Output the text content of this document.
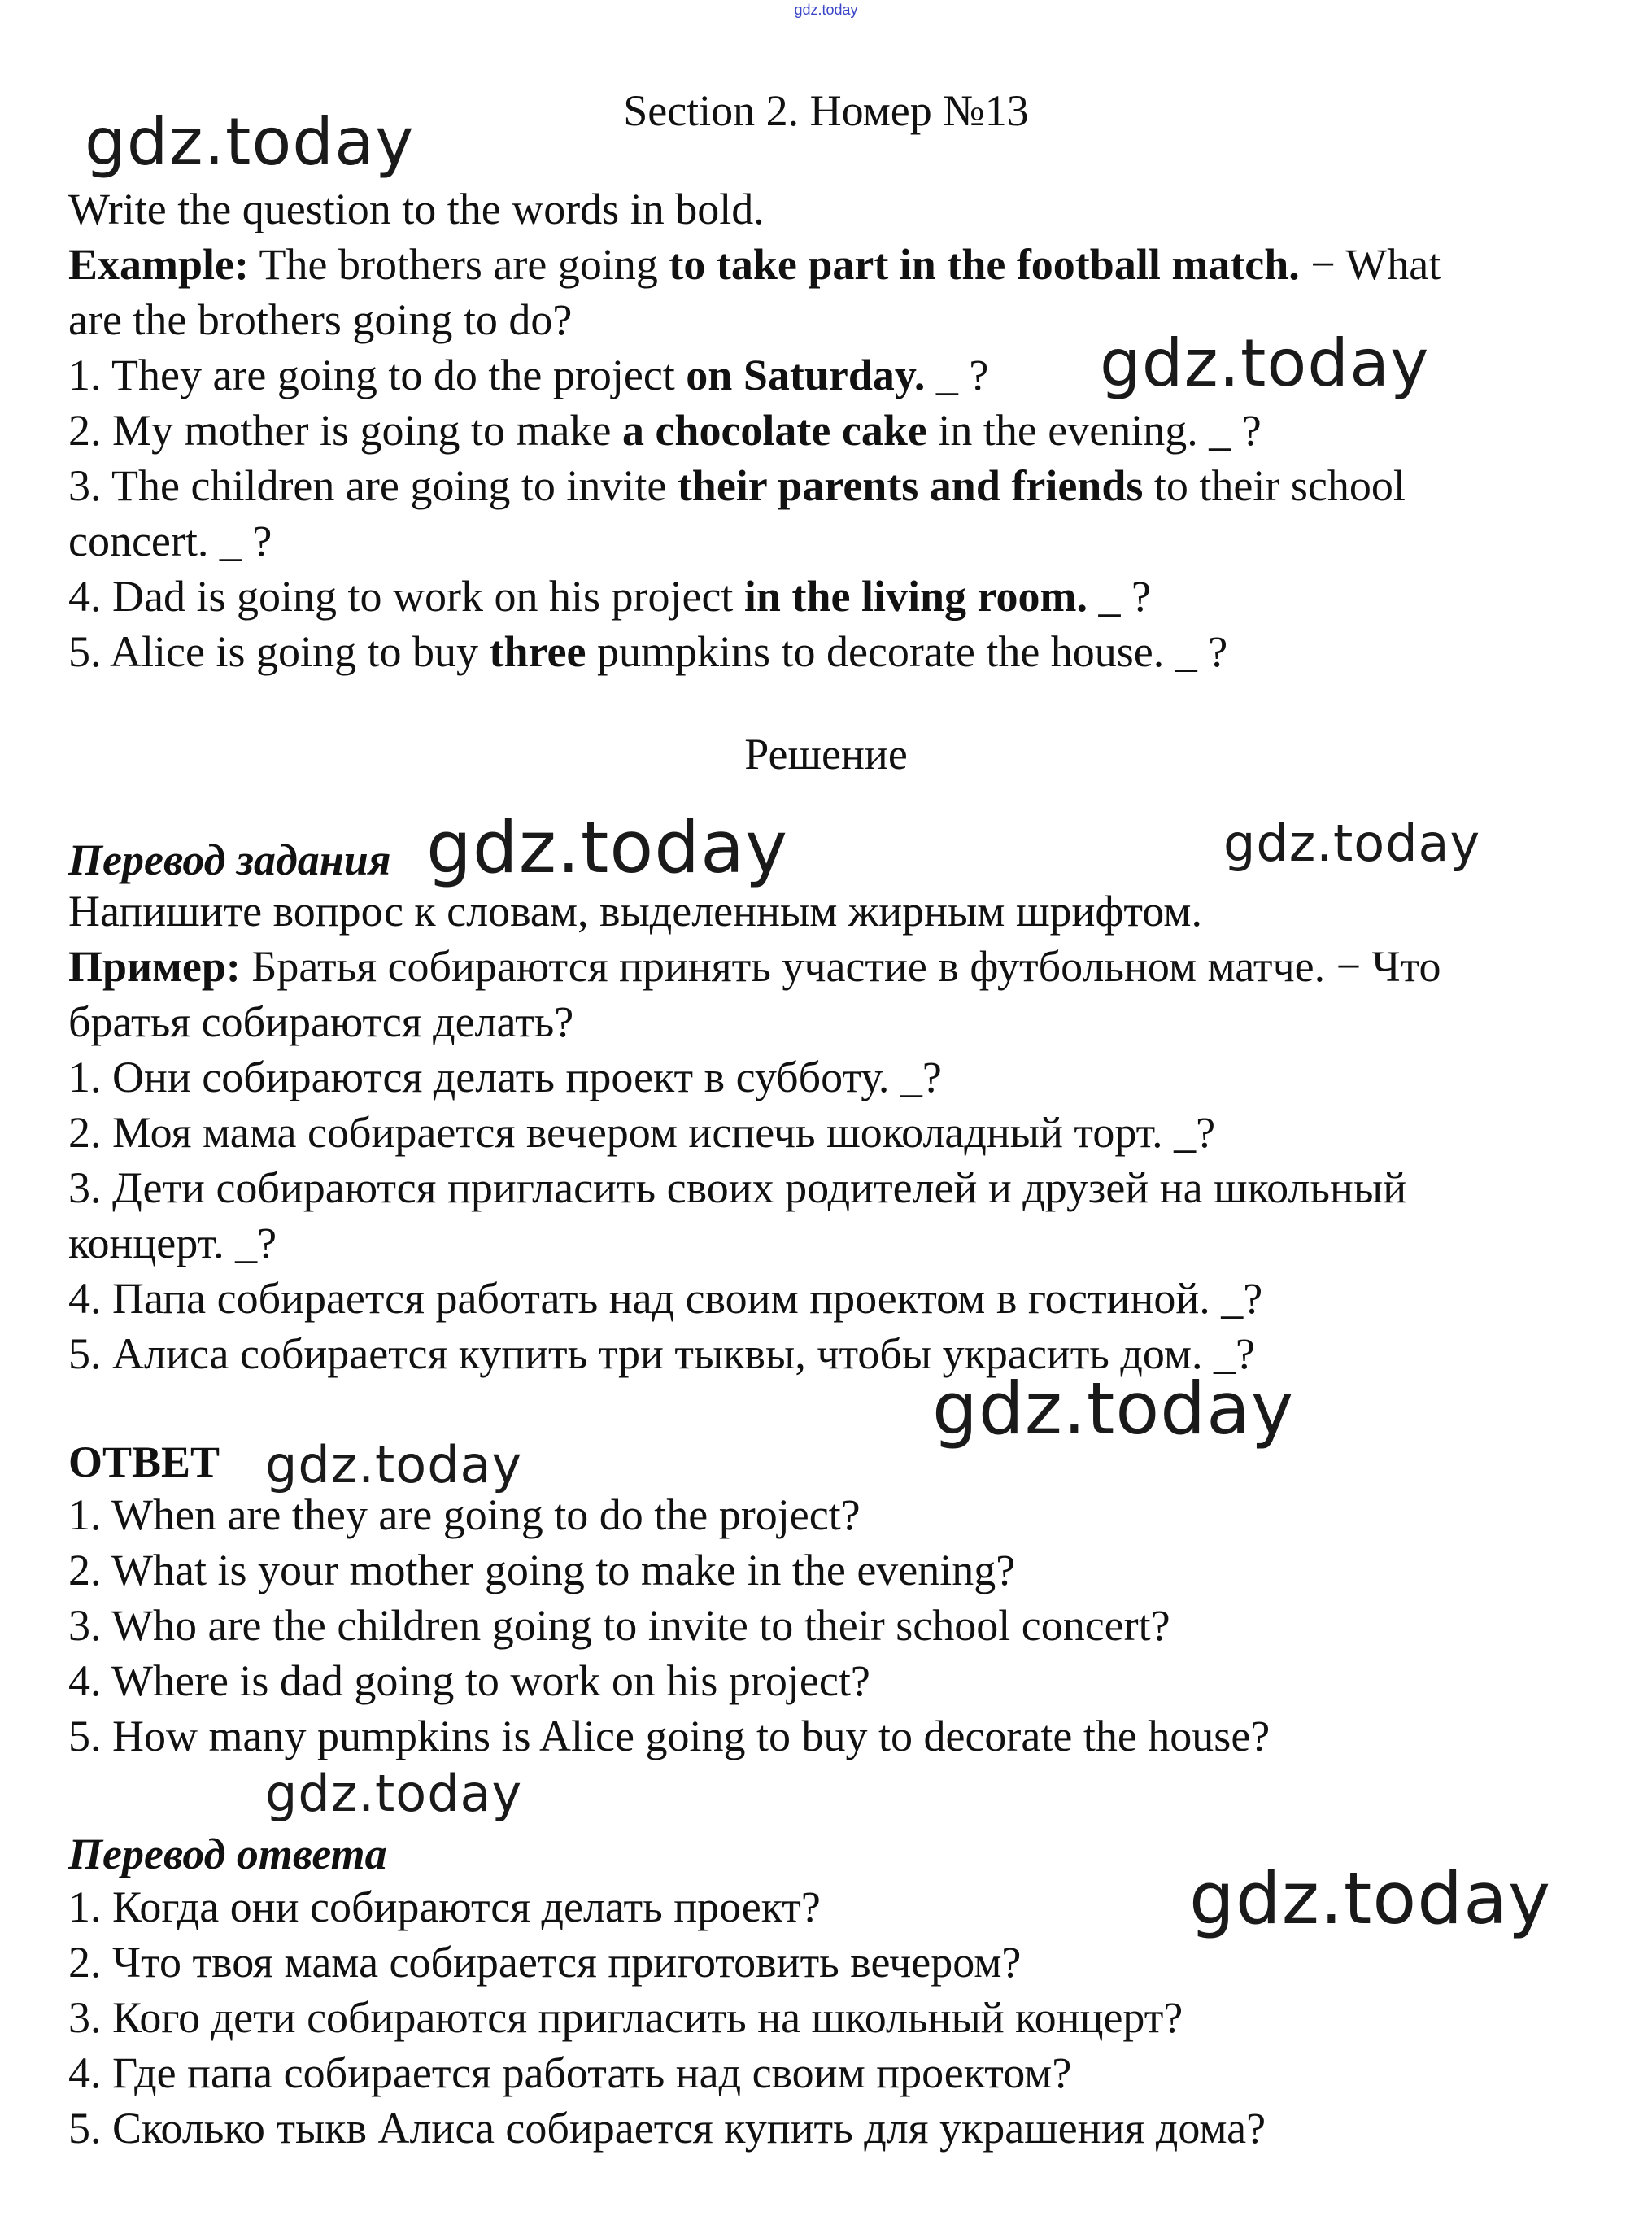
gdz.today
Section 2. Номер №13
Write the question to the words in bold.
Example: The brothers are going to take part in the football match. − What
are the brothers going to do?
1. They are going to do the project on Saturday. _ ?
2. My mother is going to make a chocolate cake in the evening. _ ?
3. The children are going to invite their parents and friends to their school
concert. _ ?
4. Dad is going to work on his project in the living room. _ ?
5. Alice is going to buy three pumpkins to decorate the house. _ ?
Решение
Перевод задания
Напишите вопрос к словам, выделенным жирным шрифтом.
Пример: Братья собираются принять участие в футбольном матче. − Что
братья собираются делать?
1. Они собираются делать проект в субботу. _?
2. Моя мама собирается вечером испечь шоколадный торт. _?
3. Дети собираются пригласить своих родителей и друзей на школьный
концерт. _?
4. Папа собирается работать над своим проектом в гостиной. _?
5. Алиса собирается купить три тыквы, чтобы украсить дом. _?
ОТВЕТ
1. When are they are going to do the project?
2. What is your mother going to make in the evening?
3. Who are the children going to invite to their school concert?
4. Where is dad going to work on his project?
5. How many pumpkins is Alice going to buy to decorate the house?
Перевод ответа
1. Когда они собираются делать проект?
2. Что твоя мама собирается приготовить вечером?
3. Кого дети собираются пригласить на школьный концерт?
4. Где папа собирается работать над своим проектом?
5. Сколько тыкв Алиса собирается купить для украшения дома?
gdz.today
gdz.today
gdz.today	gdz.today
gdz.today
gdz.today
gdz.today
gdz.today
